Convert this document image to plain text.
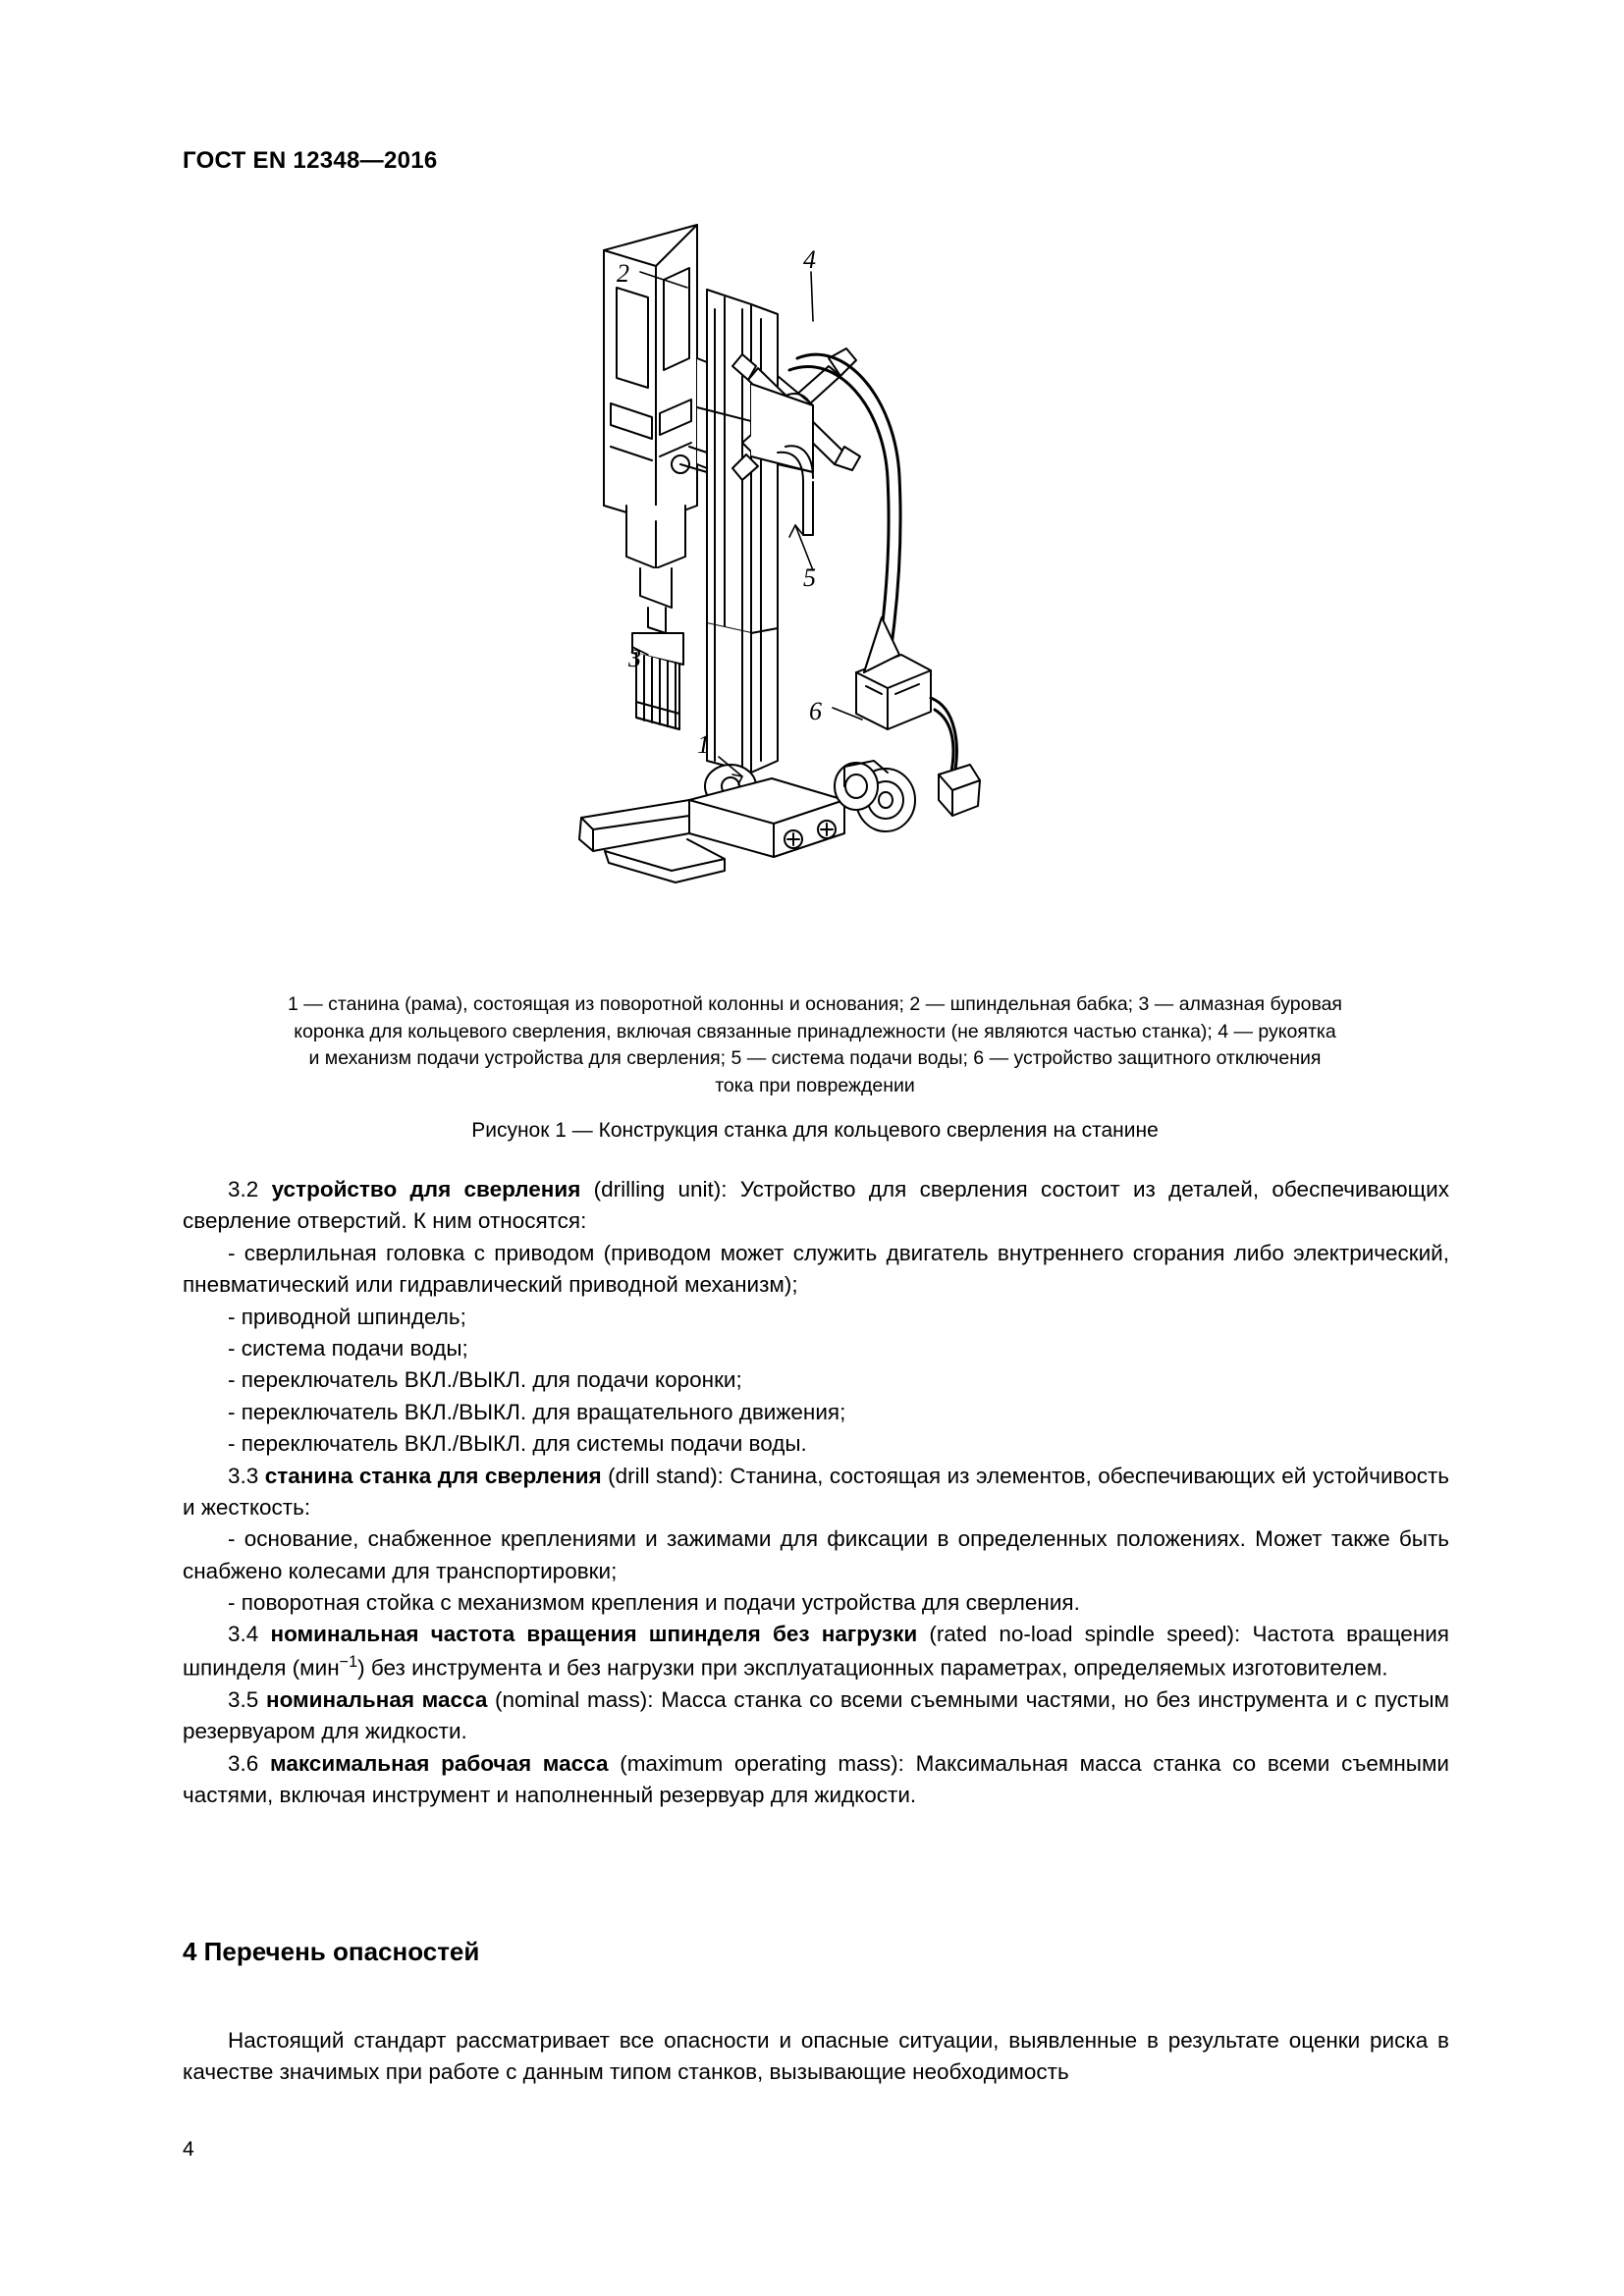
ГОСТ EN 12348—2016
2
3
4
5
6
1
1 — станина (рама), состоящая из поворотной колонны и основания; 2 — шпиндельная бабка; 3 — алмазная буровая
коронка для кольцевого сверления, включая связанные принадлежности (не являются частью станка); 4 — рукоятка
и механизм подачи устройства для сверления; 5 — система подачи воды; 6 — устройство защитного отключения
тока при повреждении
Рисунок 1 — Конструкция станка для кольцевого сверления на станине

3.2 устройство для сверления (drilling unit): Устройство для сверления состоит из деталей, обеспечивающих сверление отверстий. К ним относятся:

- сверлильная головка с приводом (приводом может служить двигатель внутреннего сгорания либо электрический, пневматический или гидравлический приводной механизм);

- приводной шпиндель;

- система подачи воды;

- переключатель ВКЛ./ВЫКЛ. для подачи коронки;

- переключатель ВКЛ./ВЫКЛ. для вращательного движения;

- переключатель ВКЛ./ВЫКЛ. для системы подачи воды.

3.3 станина станка для сверления (drill stand): Станина, состоящая из элементов, обеспечивающих ей устойчивость и жесткость:

- основание, снабженное креплениями и зажимами для фиксации в определенных положениях. Может также быть снабжено колесами для транспортировки;

- поворотная стойка с механизмом крепления и подачи устройства для сверления.

3.4 номинальная частота вращения шпинделя без нагрузки (rated no-load spindle speed): Частота вращения шпинделя (мин$^{-1}$) без инструмента и без нагрузки при эксплуатационных параметрах, определяемых изготовителем.

3.5 номинальная масса (nominal mass): Масса станка со всеми съемными частями, но без инструмента и с пустым резервуаром для жидкости.

3.6 максимальная рабочая масса (maximum operating mass): Максимальная масса станка со всеми съемными частями, включая инструмент и наполненный резервуар для жидкости.

4 Перечень опасностей

Настоящий стандарт рассматривает все опасности и опасные ситуации, выявленные в результате оценки риска в качестве значимых при работе с данным типом станков, вызывающие необходимость

4
